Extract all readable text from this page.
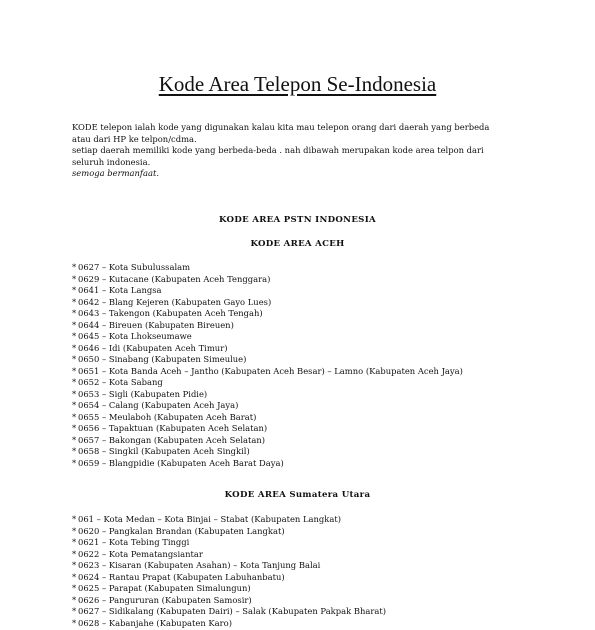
Kode Area Telepon Se-Indonesia

KODE telepon ialah kode yang digunakan kalau kita mau telepon orang dari daerah yang berbeda

atau dari HP ke telpon/cdma.

setiap daerah memiliki kode yang berbeda-beda . nah dibawah merupakan kode area telpon dari

seluruh indonesia.

semoga bermanfaat.

KODE AREA PSTN INDONESIA
KODE AREA ACEH
* 0627 – Kota Subulussalam
* 0629 – Kutacane (Kabupaten Aceh Tenggara)
* 0641 – Kota Langsa
* 0642 – Blang Kejeren (Kabupaten Gayo Lues)
* 0643 – Takengon (Kabupaten Aceh Tengah)
* 0644 – Bireuen (Kabupaten Bireuen)
* 0645 – Kota Lhokseumawe
* 0646 – Idi (Kabupaten Aceh Timur)
* 0650 – Sinabang (Kabupaten Simeulue)
* 0651 – Kota Banda Aceh – Jantho (Kabupaten Aceh Besar) – Lamno (Kabupaten Aceh Jaya)
* 0652 – Kota Sabang
* 0653 – Sigli (Kabupaten Pidie)
* 0654 – Calang (Kabupaten Aceh Jaya)
* 0655 – Meulaboh (Kabupaten Aceh Barat)
* 0656 – Tapaktuan (Kabupaten Aceh Selatan)
* 0657 – Bakongan (Kabupaten Aceh Selatan)
* 0658 – Singkil (Kabupaten Aceh Singkil)
* 0659 – Blangpidie (Kabupaten Aceh Barat Daya)
KODE AREA Sumatera Utara
* 061 – Kota Medan – Kota Binjai – Stabat (Kabupaten Langkat)
* 0620 – Pangkalan Brandan (Kabupaten Langkat)
* 0621 – Kota Tebing Tinggi
* 0622 – Kota Pematangsiantar
* 0623 – Kisaran (Kabupaten Asahan) – Kota Tanjung Balai
* 0624 – Rantau Prapat (Kabupaten Labuhanbatu)
* 0625 – Parapat (Kabupaten Simalungun)
* 0626 – Pangururan (Kabupaten Samosir)
* 0627 – Sidikalang (Kabupaten Dairi) – Salak (Kabupaten Pakpak Bharat)
* 0628 – Kabanjahe (Kabupaten Karo)
